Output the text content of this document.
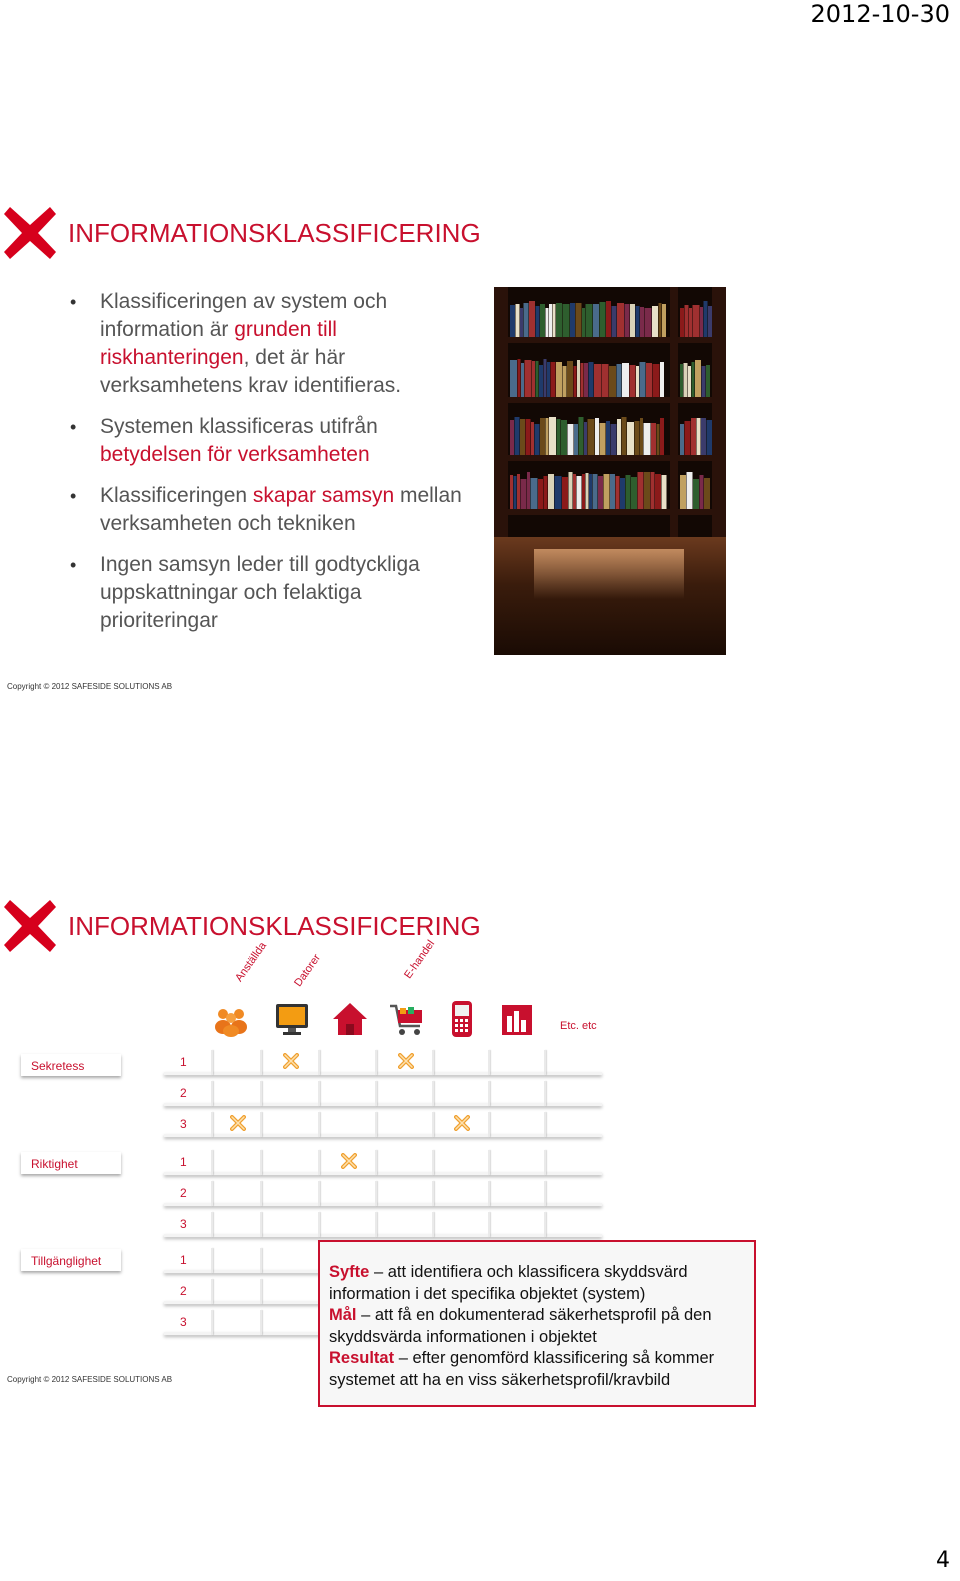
2012-10-30
INFORMATIONSKLASSIFICERING
• Klassificeringen av system och information är grunden till riskhanteringen, det är här verksamhetens krav identifieras.
• Systemen klassificeras utifrån betydelsen för verksamheten
• Klassificeringen skapar samsyn mellan verksamheten och tekniken
• Ingen samsyn leder till godtyckliga uppskattningar och felaktiga prioriteringar
Copyright © 2012 SAFESIDE SOLUTIONS AB
INFORMATIONSKLASSIFICERING
Anställda Datorer	E-handel
Etc. etc
Sekretess
Riktighet
Tillgänglighet
1
2
3
1
2
3
1
2
3
Syfte – att identifiera och klassificera skyddsvärd information i det specifika objektet (system)
Mål – att få en dokumenterad säkerhetsprofil på den skyddsvärda informationen i objektet
Resultat – efter genomförd klassificering så kommer systemet att ha en viss säkerhetsprofil/kravbild
Copyright © 2012 SAFESIDE SOLUTIONS AB
4
